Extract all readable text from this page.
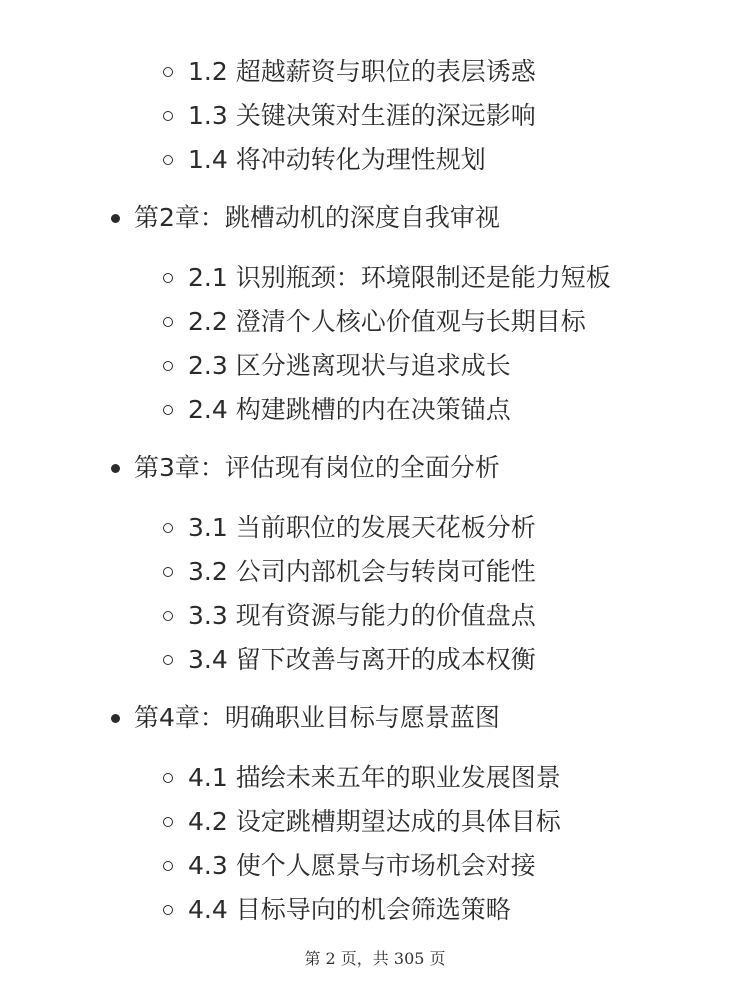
1.2 超越薪资与职位的表层诱惑
1.3 关键决策对生涯的深远影响
1.4 将冲动转化为理性规划
第2章：跳槽动机的深度自我审视
2.1 识别瓶颈：环境限制还是能力短板
2.2 澄清个人核心价值观与长期目标
2.3 区分逃离现状与追求成长
2.4 构建跳槽的内在决策锚点
第3章：评估现有岗位的全面分析
3.1 当前职位的发展天花板分析
3.2 公司内部机会与转岗可能性
3.3 现有资源与能力的价值盘点
3.4 留下改善与离开的成本权衡
第4章：明确职业目标与愿景蓝图
4.1 描绘未来五年的职业发展图景
4.2 设定跳槽期望达成的具体目标
4.3 使个人愿景与市场机会对接
4.4 目标导向的机会筛选策略
第 2 页，共 305 页
